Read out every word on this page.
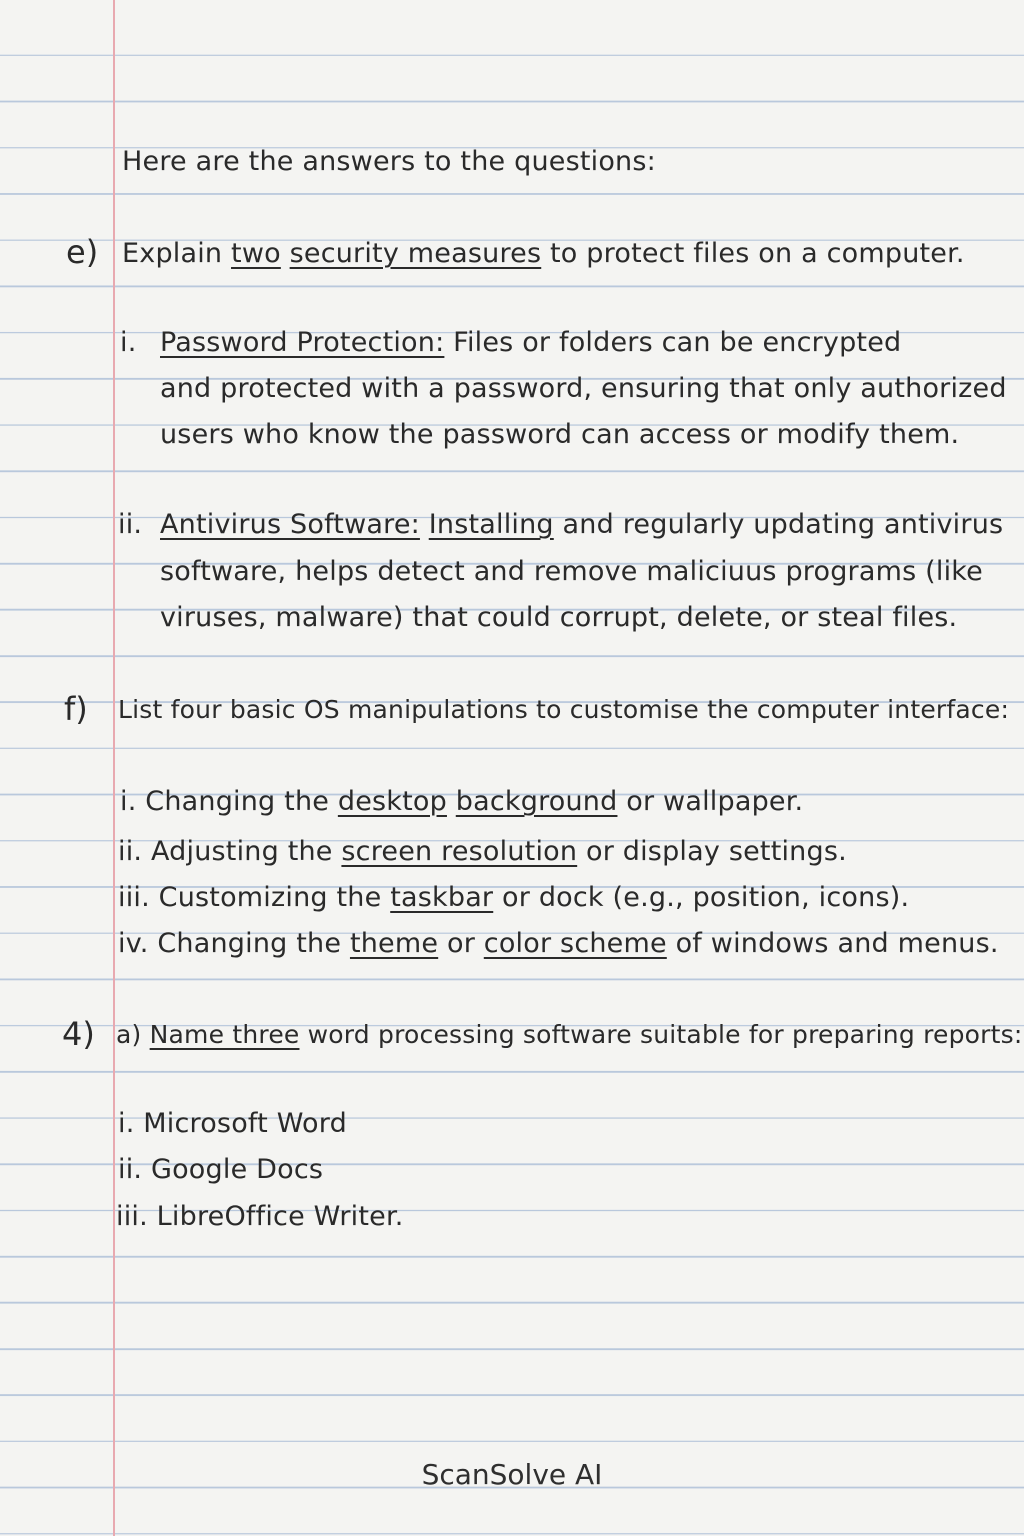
Here are the answers to the questions:
e) Explain two security measures to protect files on a computer.
i. Password Protection: Files or folders can be encrypted
and protected with a password, ensuring that only authorized
users who know the password can access or modify them.
ii. Antivirus Software: Installing and regularly updating antivirus
software, helps detect and remove maliciuus programs (like
viruses, malware) that could corrupt, delete, or steal files.
f) List four basic OS manipulations to customise the computer interface:
i. Changing the desktop background or wallpaper.
ii. Adjusting the screen resolution or display settings.
iii. Customizing the taskbar or dock (e.g., position, icons).
iv. Changing the theme or color scheme of windows and menus.
4) a) Name three word processing software suitable for preparing reports:
i. Microsoft Word
ii. Google Docs
iii. LibreOffice Writer.
ScanSolve AI
